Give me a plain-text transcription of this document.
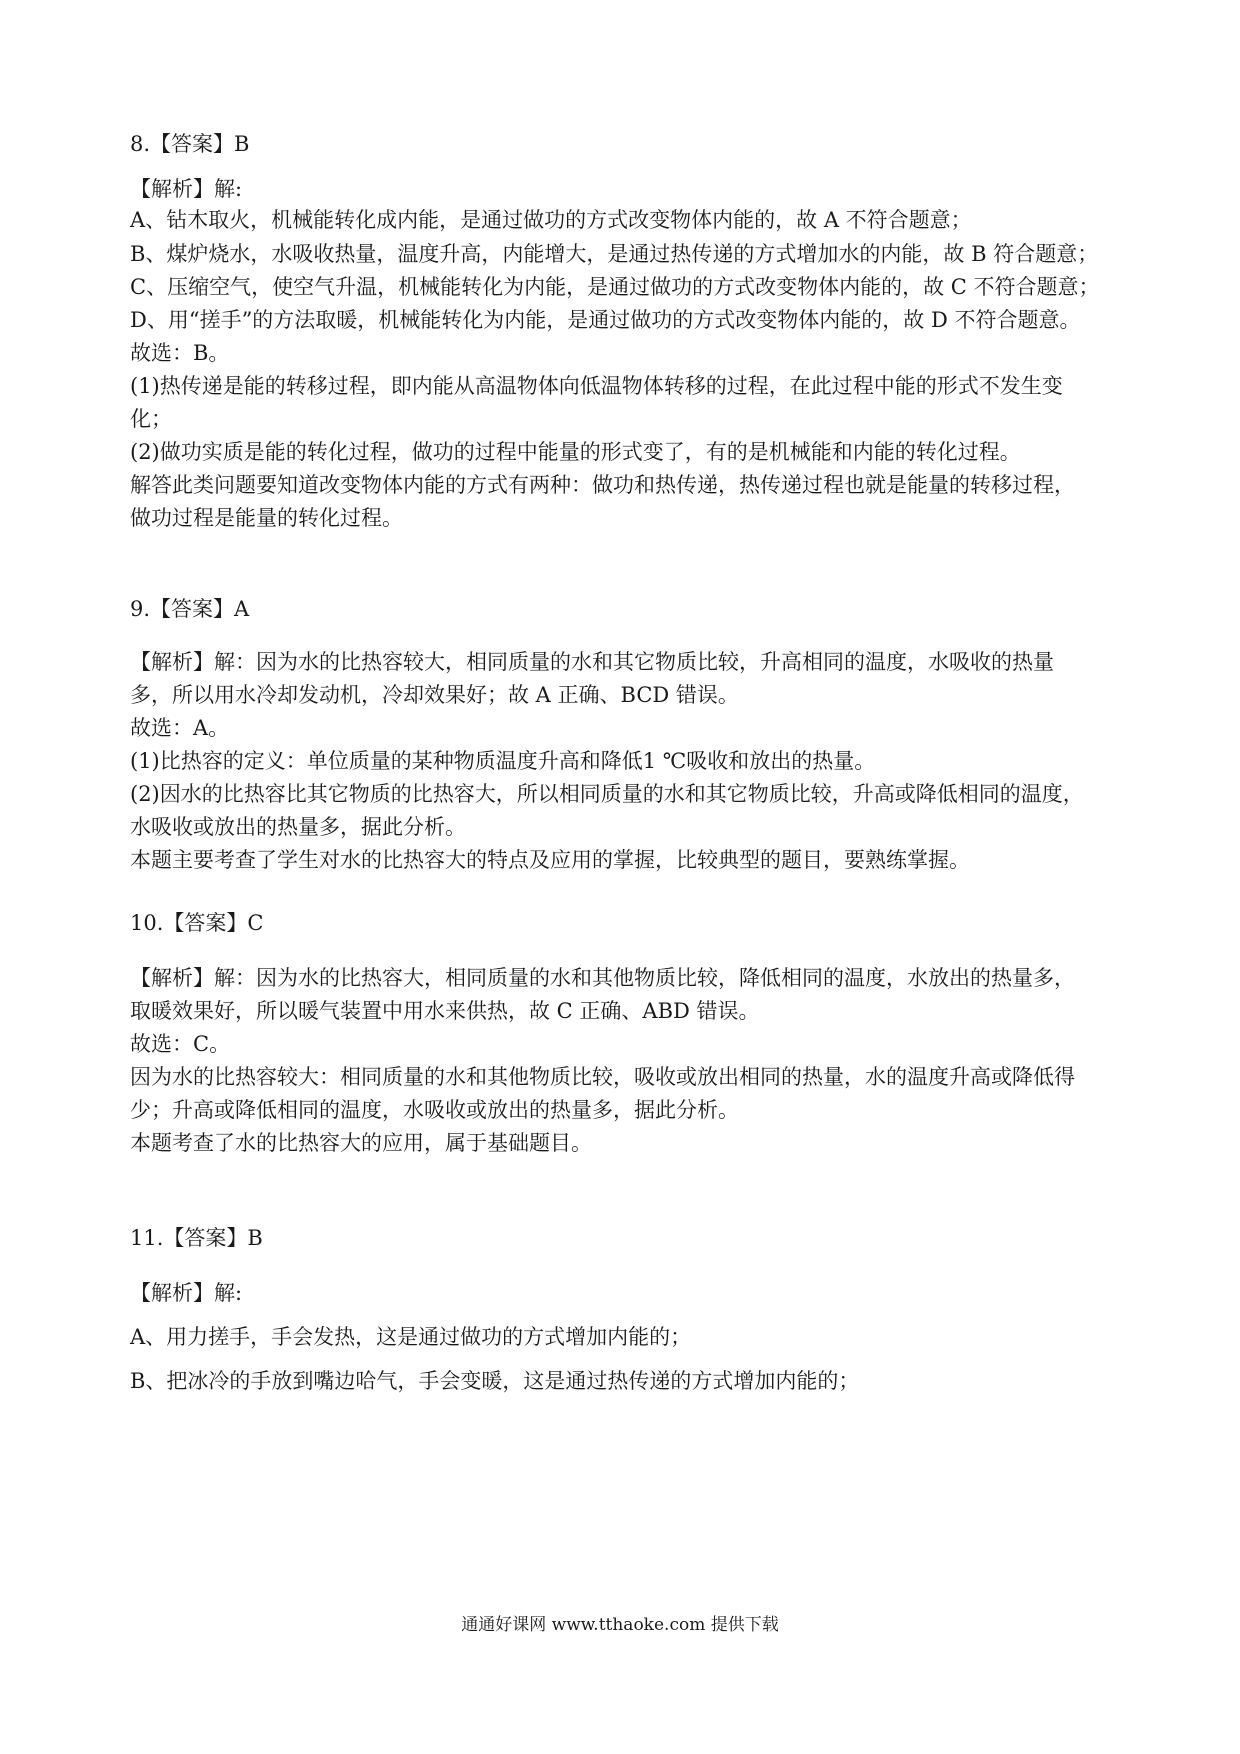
8.【答案】B
【解析】解:
A、钻木取火，机械能转化成内能，是通过做功的方式改变物体内能的，故 A 不符合题意；
B、煤炉烧水，水吸收热量，温度升高，内能增大，是通过热传递的方式增加水的内能，故 B 符合题意；
C、压缩空气，使空气升温，机械能转化为内能，是通过做功的方式改变物体内能的，故 C 不符合题意；
D、用“搓手”的方法取暖，机械能转化为内能，是通过做功的方式改变物体内能的，故 D 不符合题意。
故选：B。
(1)热传递是能的转移过程，即内能从高温物体向低温物体转移的过程，在此过程中能的形式不发生变
化；
(2)做功实质是能的转化过程，做功的过程中能量的形式变了，有的是机械能和内能的转化过程。
解答此类问题要知道改变物体内能的方式有两种：做功和热传递，热传递过程也就是能量的转移过程，
做功过程是能量的转化过程。
9.【答案】A
【解析】解：因为水的比热容较大，相同质量的水和其它物质比较，升高相同的温度，水吸收的热量
多，所以用水冷却发动机，冷却效果好；故 A 正确、BCD 错误。
故选：A。
(1)比热容的定义：单位质量的某种物质温度升高和降低1 ℃吸收和放出的热量。
(2)因水的比热容比其它物质的比热容大，所以相同质量的水和其它物质比较，升高或降低相同的温度，
水吸收或放出的热量多，据此分析。
本题主要考查了学生对水的比热容大的特点及应用的掌握，比较典型的题目，要熟练掌握。
10.【答案】C
【解析】解：因为水的比热容大，相同质量的水和其他物质比较，降低相同的温度，水放出的热量多，
取暖效果好，所以暖气装置中用水来供热，故 C 正确、ABD 错误。
故选：C。
因为水的比热容较大：相同质量的水和其他物质比较，吸收或放出相同的热量，水的温度升高或降低得
少；升高或降低相同的温度，水吸收或放出的热量多，据此分析。
本题考查了水的比热容大的应用，属于基础题目。
11.【答案】B
【解析】解:
A、用力搓手，手会发热，这是通过做功的方式增加内能的；
B、把冰冷的手放到嘴边哈气，手会变暖，这是通过热传递的方式增加内能的；
通通好课网 www.tthaoke.com 提供下载
